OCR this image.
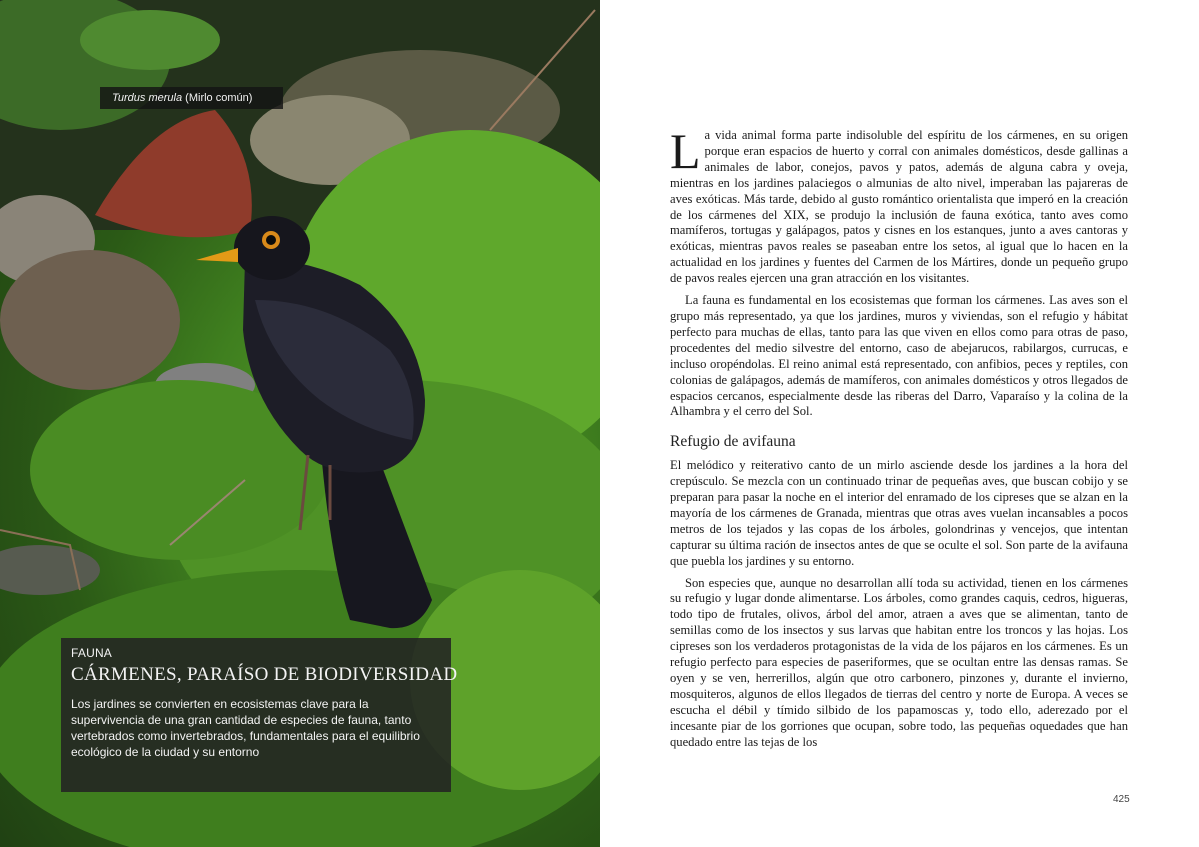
Turdus merula (Mirlo común)
FAUNA
CÁRMENES, PARAÍSO DE BIODIVERSIDAD
Los jardines se convierten en ecosistemas clave para la supervivencia de una gran cantidad de especies de fauna, tanto vertebrados como invertebrados, fundamentales para el equilibrio ecológico de la ciudad y su entorno

La vida animal forma parte indisoluble del espíritu de los cármenes, en su origen porque eran espacios de huerto y corral con animales domésticos, desde gallinas a animales de labor, conejos, pavos y patos, además de alguna cabra y oveja, mientras en los jardines palaciegos o almunias de alto nivel, imperaban las pajareras de aves exóticas. Más tarde, debido al gusto romántico orientalista que imperó en la creación de los cármenes del XIX, se produjo la inclusión de fauna exótica, tanto aves como mamíferos, tortugas y galápagos, patos y cisnes en los estanques, junto a aves cantoras y exóticas, mientras pavos reales se paseaban entre los setos, al igual que lo hacen en la actualidad en los jardines y fuentes del Carmen de los Mártires, donde un pequeño grupo de pavos reales ejercen una gran atracción en los visitantes.

La fauna es fundamental en los ecosistemas que forman los cármenes. Las aves son el grupo más representado, ya que los jardines, muros y viviendas, son el refugio y hábitat perfecto para muchas de ellas, tanto para las que viven en ellos como para otras de paso, procedentes del medio silvestre del entorno, caso de abejarucos, rabilargos, currucas, e incluso oropéndolas. El reino animal está representado, con anfibios, peces y reptiles, con colonias de galápagos, además de mamíferos, con animales domésticos y otros llegados de espacios cercanos, especialmente desde las riberas del Darro, Vaparaíso y la colina de la Alhambra y el cerro del Sol.

Refugio de avifauna

El melódico y reiterativo canto de un mirlo asciende desde los jardines a la hora del crepúsculo. Se mezcla con un continuado trinar de pequeñas aves, que buscan cobijo y se preparan para pasar la noche en el interior del enramado de los cipreses que se alzan en la mayoría de los cármenes de Granada, mientras que otras aves vuelan incansables a pocos metros de los tejados y las copas de los árboles, golondrinas y vencejos, que intentan capturar su última ración de insectos antes de que se oculte el sol. Son parte de la avifauna que puebla los jardines y su entorno.

Son especies que, aunque no desarrollan allí toda su actividad, tienen en los cármenes su refugio y lugar donde alimentarse. Los árboles, como grandes caquis, cedros, higueras, todo tipo de frutales, olivos, árbol del amor, atraen a aves que se alimentan, tanto de semillas como de los insectos y sus larvas que habitan entre los troncos y las hojas. Los cipreses son los verdaderos protagonistas de la vida de los pájaros en los cármenes. Es un refugio perfecto para especies de paseriformes, que se ocultan entre las densas ramas. Se oyen y se ven, herrerillos, algún que otro carbonero, pinzones y, durante el invierno, mosquiteros, algunos de ellos llegados de tierras del centro y norte de Europa. A veces se escucha el débil y tímido silbido de los papamoscas y, todo ello, aderezado por el incesante piar de los gorriones que ocupan, sobre todo, las pequeñas oquedades que han quedado entre las tejas de los

425
